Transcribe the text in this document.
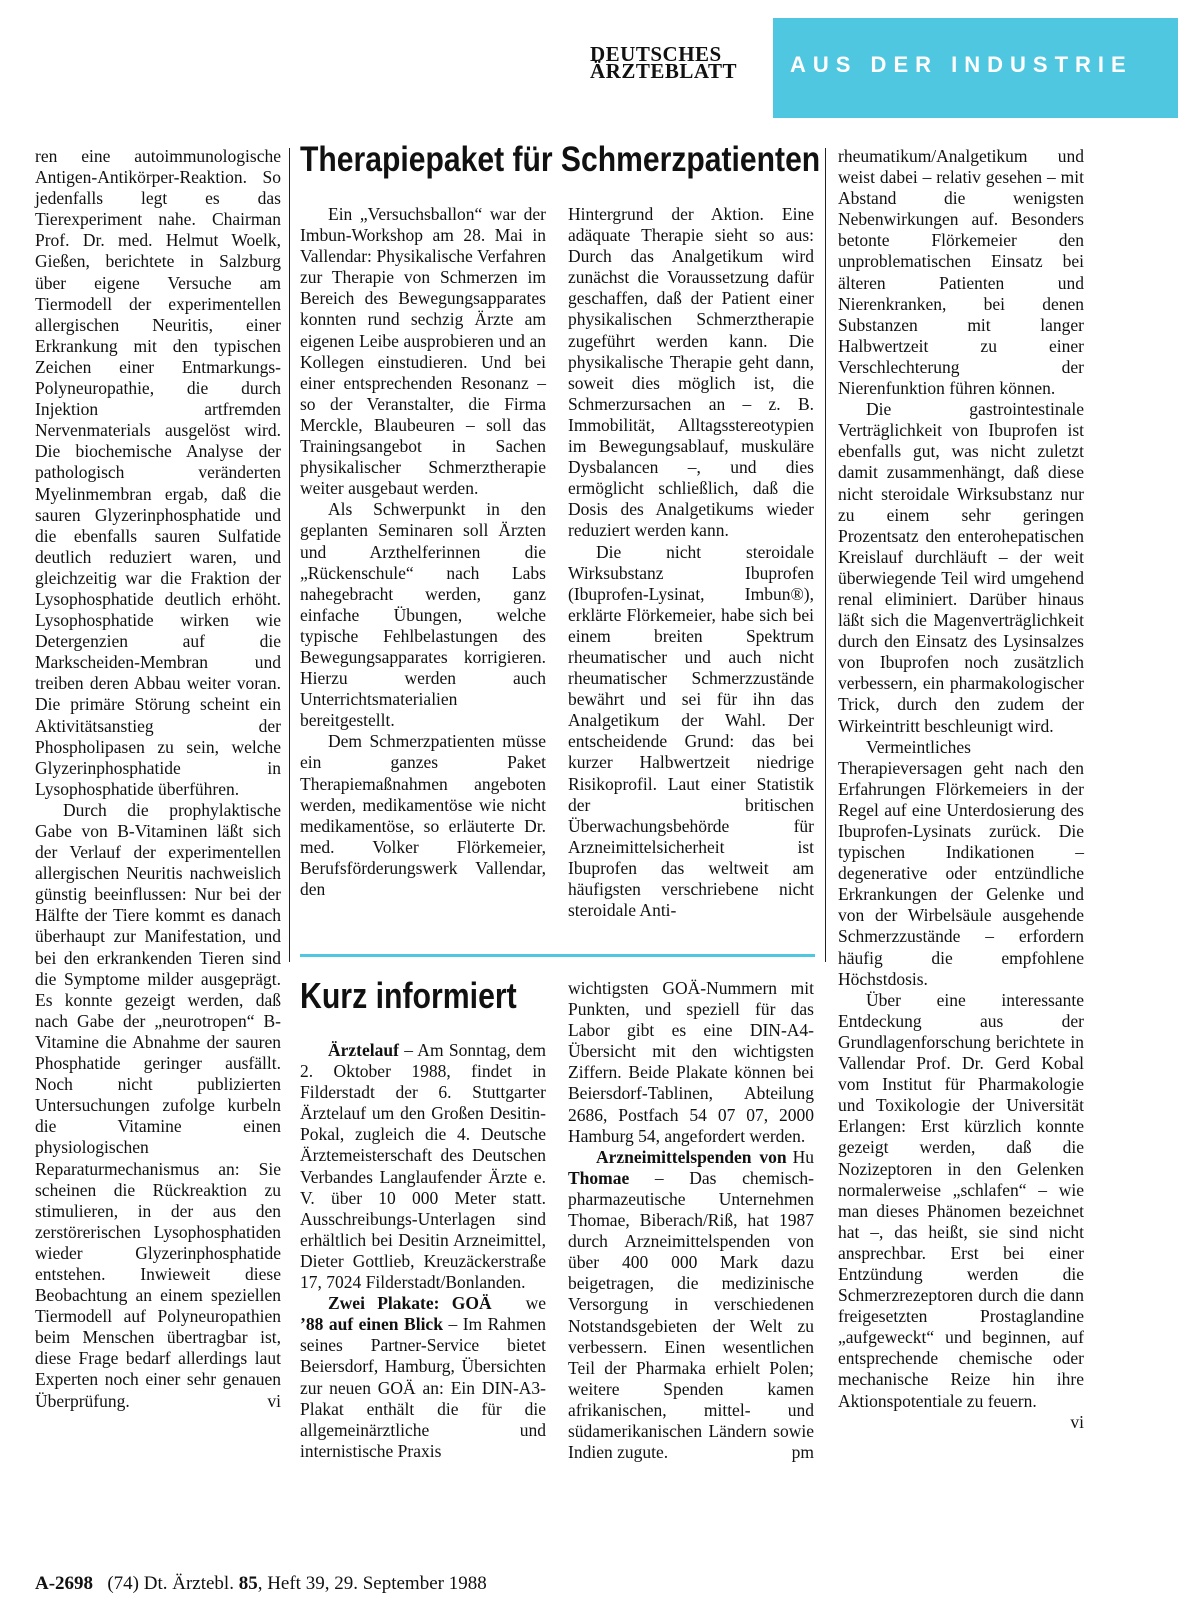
DEUTSCHES
ÄRZTEBLATT	AUS DER INDUSTRIE

ren eine autoimmunologische Antigen-Antikörper-Reaktion. So jedenfalls legt es das Tierexperiment nahe. Chairman Prof. Dr. med. Helmut Woelk, Gießen, berichtete in Salzburg über eigene Versuche am Tiermodell der experimentellen allergischen Neuritis, einer Erkrankung mit den typischen Zeichen einer Entmarkungs-Polyneuropathie, die durch Injektion artfremden Nervenmaterials ausgelöst wird. Die biochemische Analyse der pathologisch veränderten Myelinmembran ergab, daß die sauren Glyzerinphosphatide und die ebenfalls sauren Sulfatide deutlich reduziert waren, und gleichzeitig war die Fraktion der Lysophosphatide deutlich erhöht. Lysophosphatide wirken wie Detergenzien auf die Markscheiden-Membran und treiben deren Abbau weiter voran. Die primäre Störung scheint ein Aktivitätsanstieg der Phospholipasen zu sein, welche Glyzerinphosphatide in Lysophosphatide überführen.

Durch die prophylaktische Gabe von B-Vitaminen läßt sich der Verlauf der experimentellen allergischen Neuritis nachweislich günstig beeinflussen: Nur bei der Hälfte der Tiere kommt es danach überhaupt zur Manifestation, und bei den erkrankenden Tieren sind die Symptome milder ausgeprägt. Es konnte gezeigt werden, daß nach Gabe der „neurotropen“ B-Vitamine die Abnahme der sauren Phosphatide geringer ausfällt. Noch nicht publizierten Untersuchungen zufolge kurbeln die Vitamine einen physiologischen Reparaturmechanismus an: Sie scheinen die Rückreaktion zu stimulieren, in der aus den zerstörerischen Lysophosphatiden wieder Glyzerinphosphatide entstehen. Inwieweit diese Beobachtung an einem speziellen Tiermodell auf Polyneuropathien beim Menschen übertragbar ist, diese Frage bedarf allerdings laut Experten noch einer sehr genauen Überprüfung.	vi

Therapiepaket für Schmerzpatienten

Ein „Versuchsballon“ war der Imbun-Workshop am 28. Mai in Vallendar: Physikalische Verfahren zur Therapie von Schmerzen im Bereich des Bewegungsapparates konnten rund sechzig Ärzte am eigenen Leibe ausprobieren und an Kollegen einstudieren. Und bei einer entsprechenden Resonanz – so der Veranstalter, die Firma Merckle, Blaubeuren – soll das Trainingsangebot in Sachen physikalischer Schmerztherapie weiter ausgebaut werden.

Als Schwerpunkt in den geplanten Seminaren soll Ärzten und Arzthelferinnen die „Rückenschule“ nach Labs nahegebracht werden, ganz einfache Übungen, welche typische Fehlbelastungen des Bewegungsapparates korrigieren. Hierzu werden auch Unterrichtsmaterialien bereitgestellt.

Dem Schmerzpatienten müsse ein ganzes Paket Therapiemaßnahmen angeboten werden, medikamentöse wie nicht medikamentöse, so erläuterte Dr. med. Volker Flörkemeier, Berufsförderungswerk Vallendar, den

Hintergrund der Aktion. Eine adäquate Therapie sieht so aus: Durch das Analgetikum wird zunächst die Voraussetzung dafür geschaffen, daß der Patient einer physikalischen Schmerztherapie zugeführt werden kann. Die physikalische Therapie geht dann, soweit dies möglich ist, die Schmerzursachen an – z. B. Immobilität, Alltagsstereotypien im Bewegungsablauf, muskuläre Dysbalancen –, und dies ermöglicht schließlich, daß die Dosis des Analgetikums wieder reduziert werden kann.

Die nicht steroidale Wirksubstanz Ibuprofen (Ibuprofen-Lysinat, Imbun®), erklärte Flörkemeier, habe sich bei einem breiten Spektrum rheumatischer und auch nicht rheumatischer Schmerzzustände bewährt und sei für ihn das Analgetikum der Wahl. Der entscheidende Grund: das bei kurzer Halbwertzeit niedrige Risikoprofil. Laut einer Statistik der britischen Überwachungsbehörde für Arzneimittelsicherheit ist Ibuprofen das weltweit am häufigsten verschriebene nicht steroidale Anti-

rheumatikum/Analgetikum und weist dabei – relativ gesehen – mit Abstand die wenigsten Nebenwirkungen auf. Besonders betonte Flörkemeier den unproblematischen Einsatz bei älteren Patienten und Nierenkranken, bei denen Substanzen mit langer Halbwertzeit zu einer Verschlechterung der Nierenfunktion führen können.

Die gastrointestinale Verträglichkeit von Ibuprofen ist ebenfalls gut, was nicht zuletzt damit zusammenhängt, daß diese nicht steroidale Wirksubstanz nur zu einem sehr geringen Prozentsatz den enterohepatischen Kreislauf durchläuft – der weit überwiegende Teil wird umgehend renal eliminiert. Darüber hinaus läßt sich die Magenverträglichkeit durch den Einsatz des Lysinsalzes von Ibuprofen noch zusätzlich verbessern, ein pharmakologischer Trick, durch den zudem der Wirkeintritt beschleunigt wird.

Vermeintliches Therapieversagen geht nach den Erfahrungen Flörkemeiers in der Regel auf eine Unterdosierung des Ibuprofen-Lysinats zurück. Die typischen Indikationen – degenerative oder entzündliche Erkrankungen der Gelenke und von der Wirbelsäule ausgehende Schmerzzustände – erfordern häufig die empfohlene Höchstdosis.

Über eine interessante Entdeckung aus der Grundlagenforschung berichtete in Vallendar Prof. Dr. Gerd Kobal vom Institut für Pharmakologie und Toxikologie der Universität Erlangen: Erst kürzlich konnte gezeigt werden, daß die Nozizeptoren in den Gelenken normalerweise „schlafen“ – wie man dieses Phänomen bezeichnet hat –, das heißt, sie sind nicht ansprechbar. Erst bei einer Entzündung werden die Schmerzrezeptoren durch die dann freigesetzten Prostaglandine „aufgeweckt“ und beginnen, auf entsprechende chemische oder mechanische Reize hin ihre Aktionspotentiale zu feuern.
vi

Kurz informiert

Ärztelauf – Am Sonntag, dem 2. Oktober 1988, findet in Filderstadt der 6. Stuttgarter Ärztelauf um den Großen Desitin-Pokal, zugleich die 4. Deutsche Ärztemeisterschaft des Deutschen Verbandes Langlaufender Ärzte e. V. über 10 000 Meter statt. Ausschreibungs-Unterlagen sind erhältlich bei Desitin Arzneimittel, Dieter Gottlieb, Kreuzäckerstraße 17, 7024 Filderstadt/Bonlanden.
we

Zwei Plakate: GOÄ ’88 auf einen Blick – Im Rahmen seines Partner-Service bietet Beiersdorf, Hamburg, Übersichten zur neuen GOÄ an: Ein DIN-A3-Plakat enthält die für die allgemeinärztliche und internistische Praxis

wichtigsten GOÄ-Nummern mit Punkten, und speziell für das Labor gibt es eine DIN-A4-Übersicht mit den wichtigsten Ziffern. Beide Plakate können bei Beiersdorf-Tablinen, Abteilung 2686, Postfach 54 07 07, 2000 Hamburg 54, angefordert werden.
Hu

Arzneimittelspenden von Thomae – Das chemisch-pharmazeutische Unternehmen Thomae, Biberach/Riß, hat 1987 durch Arzneimittelspenden von über 400 000 Mark dazu beigetragen, die medizinische Versorgung in verschiedenen Notstandsgebieten der Welt zu verbessern. Einen wesentlichen Teil der Pharmaka erhielt Polen; weitere Spenden kamen afrikanischen, mittel- und südamerikanischen Ländern sowie Indien zugute.	pm

A-2698 (74) Dt. Ärztebl. 85, Heft 39, 29. September 1988
